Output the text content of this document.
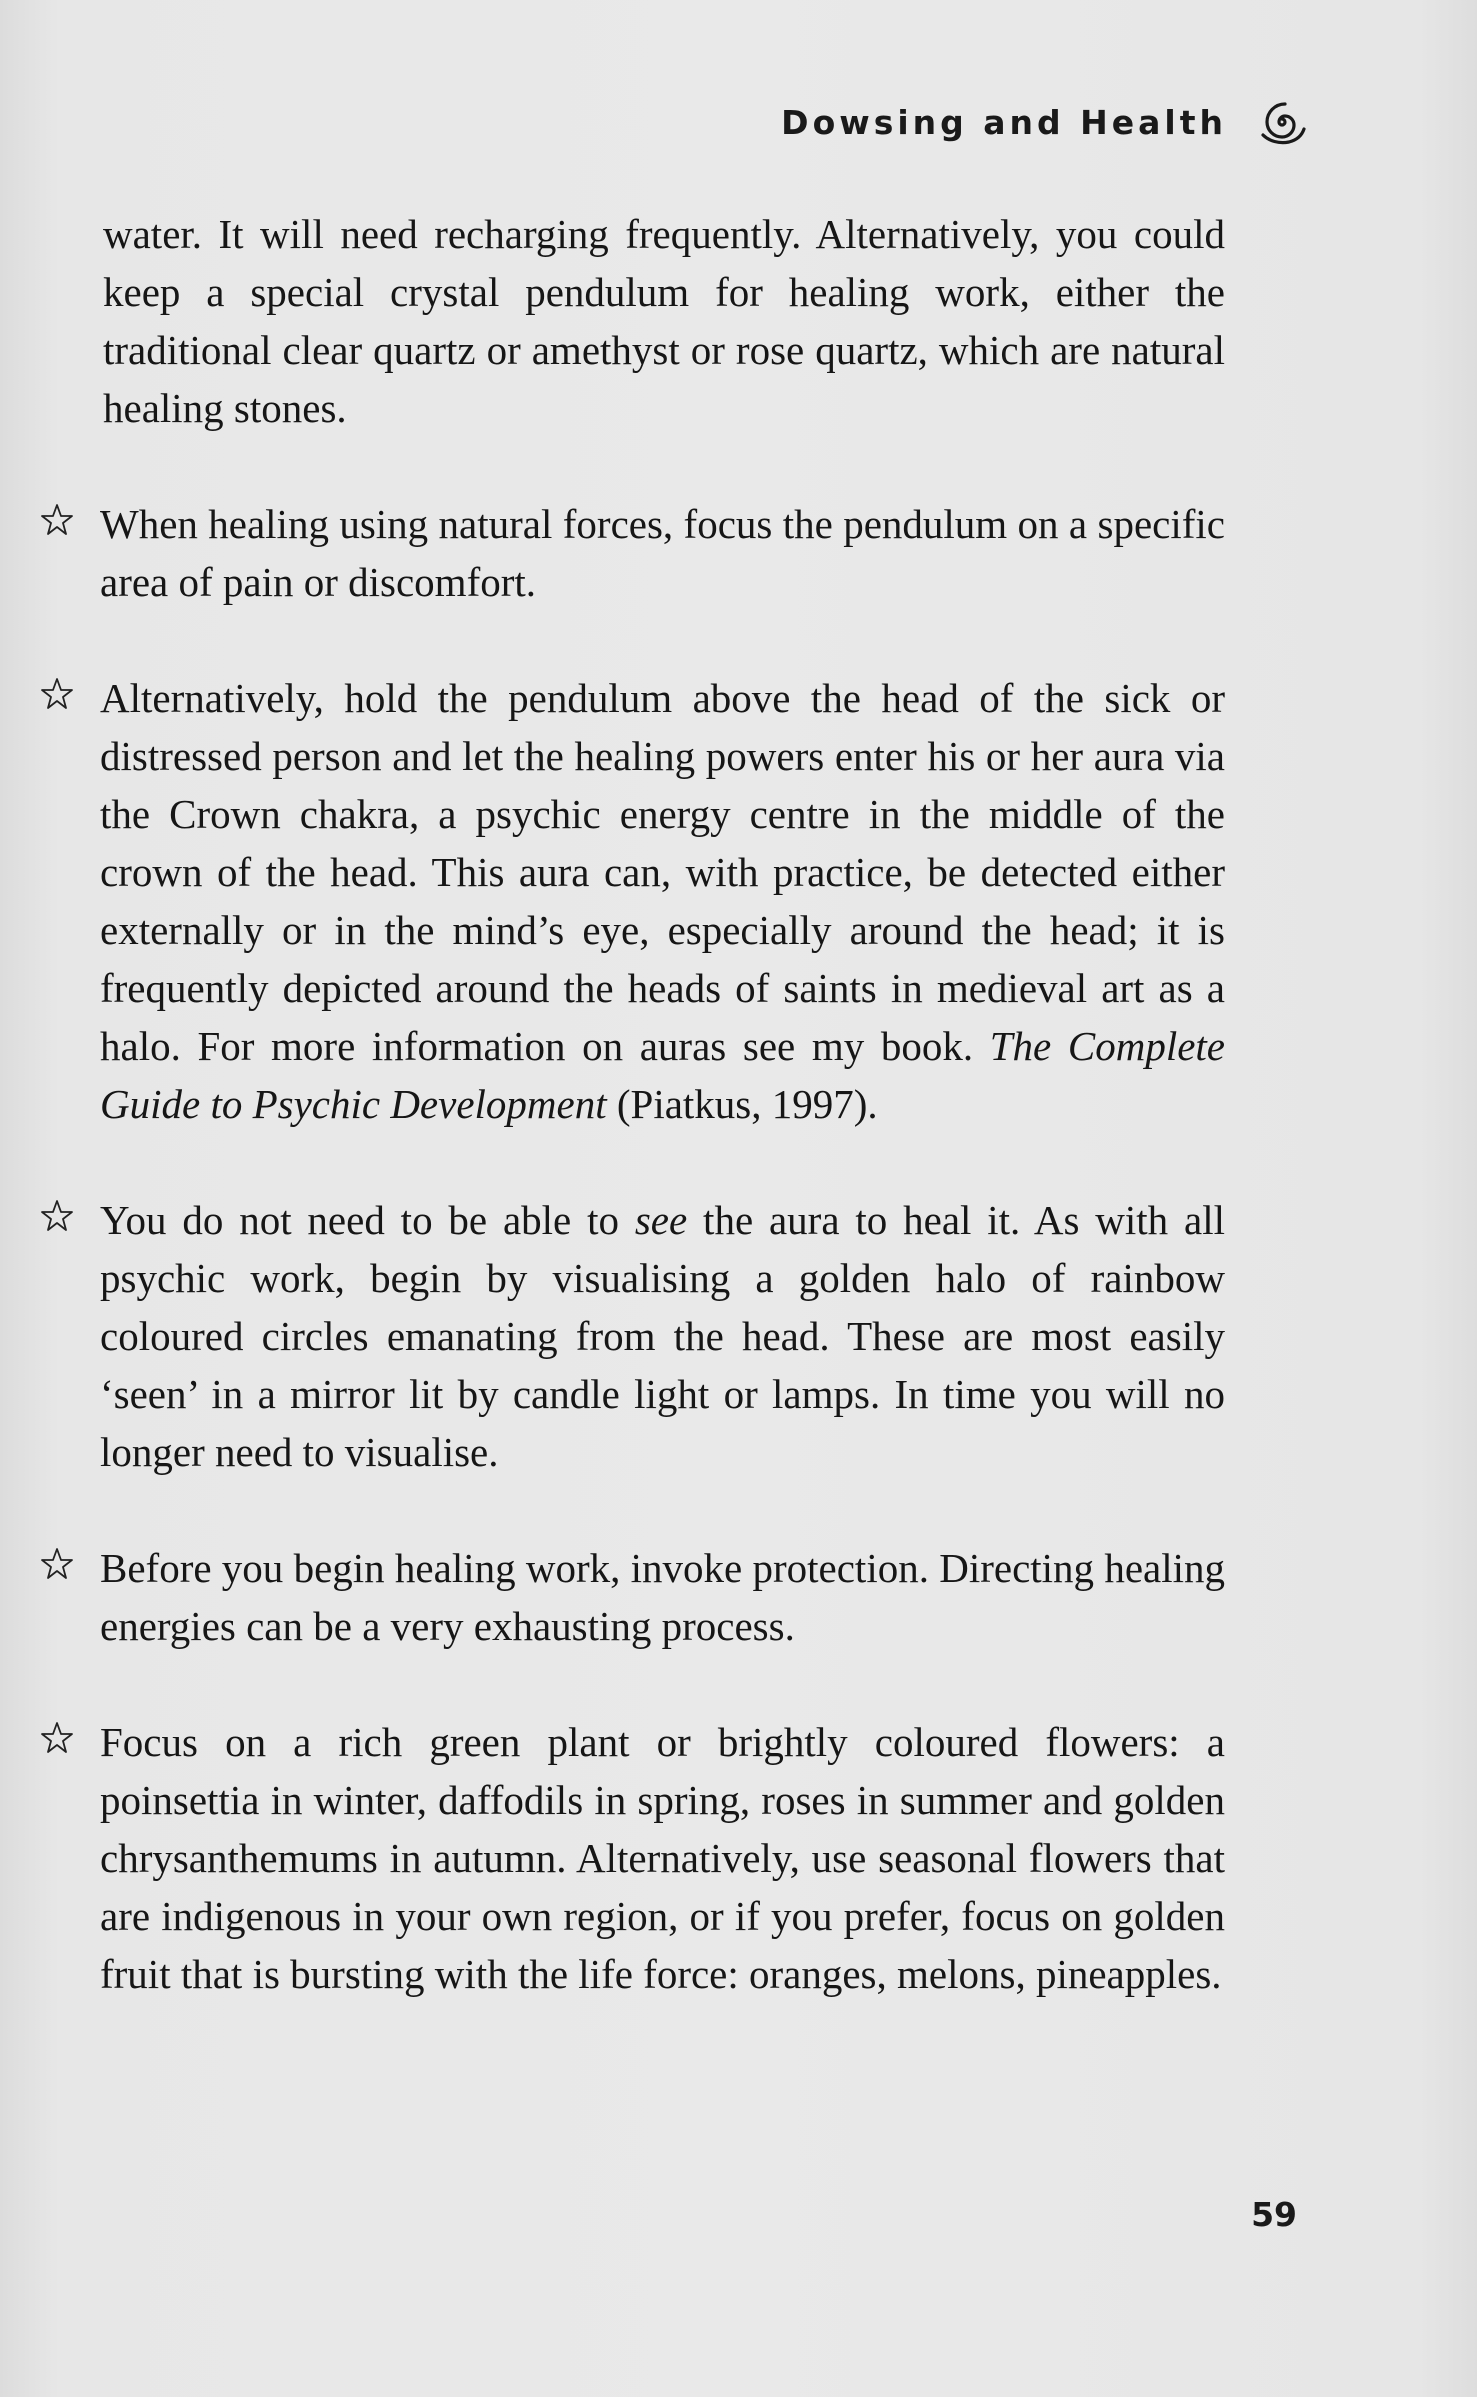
Dowsing and Health

water. It will need recharging frequently. Alternatively, you could keep a special crystal pendulum for healing work, either the traditional clear quartz or amethyst or rose quartz, which are natural healing stones.

When healing using natural forces, focus the pendulum on a specific area of pain or discomfort.

Alternatively, hold the pendulum above the head of the sick or distressed person and let the healing powers enter his or her aura via the Crown chakra, a psychic energy centre in the middle of the crown of the head. This aura can, with practice, be detected either externally or in the mind’s eye, especially around the head; it is frequently depicted around the heads of saints in medieval art as a halo. For more information on auras see my book. The Complete Guide to Psychic Development (Piatkus, 1997).

You do not need to be able to see the aura to heal it. As with all psychic work, begin by visualising a golden halo of rainbow coloured circles emanating from the head. These are most easily ‘seen’ in a mirror lit by candle light or lamps. In time you will no longer need to visualise.

Before you begin healing work, invoke protection. Directing healing energies can be a very exhausting process.

Focus on a rich green plant or brightly coloured flowers: a poinsettia in winter, daffodils in spring, roses in summer and golden chrysanthemums in autumn. Alternatively, use seasonal flowers that are indigenous in your own region, or if you prefer, focus on golden fruit that is bursting with the life force: oranges, melons, pineapples.

59
